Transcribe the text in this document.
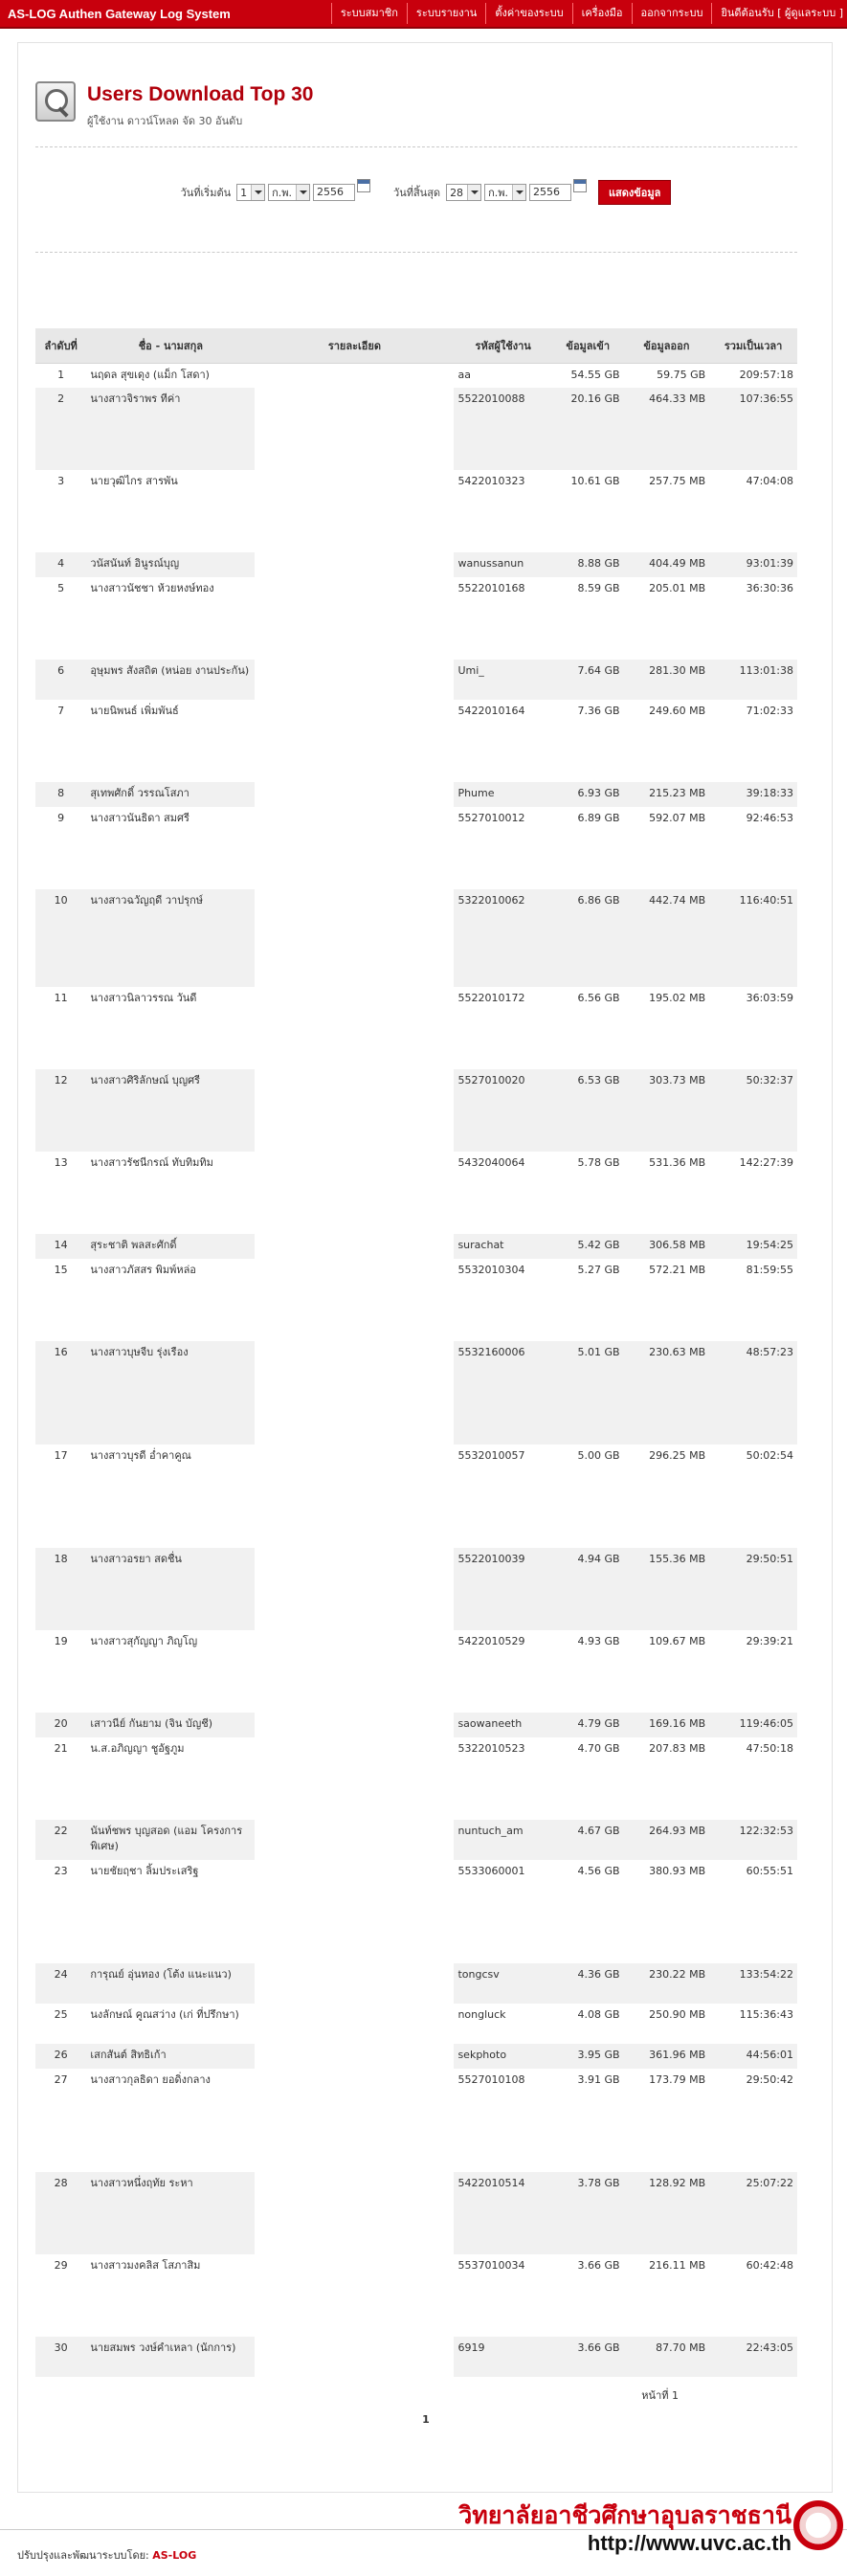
AS-LOG Authen Gateway Log System	ระบบสมาชิก	ระบบรายงาน	ตั้งค่าของระบบ	เครื่องมือ	ออกจากระบบ	ยินดีต้อนรับ [ ผู้ดูแลระบบ ]
Users Download Top 30
ผู้ใช้งาน ดาวน์โหลด จัด 30 อันดับ
วันที่เริ่มต้น 1 ก.พ.	2556	วันที่สิ้นสุด 28 ก.พ.	2556	แสดงข้อมูล
ลำดับที่	ชื่อ - นามสกุล	รายละเอียด	รหัสผู้ใช้งาน	ข้อมูลเข้า	ข้อมูลออก	รวมเป็นเวลา
1	นฤดล สุขเดุง (แม็ก โสดา)		aa	54.55 GB	59.75 GB	209:57:18
2	นางสาวจิราพร ทีค่า		5522010088	20.16 GB	464.33 MB	107:36:55
3	นายวุฒิไกร สารพัน		5422010323	10.61 GB	257.75 MB	47:04:08
4	วนัสนันท์ อินูรณ์บุญ		wanussanun	8.88 GB	404.49 MB	93:01:39
5	นางสาวนัชชา ห้วยหงษ์ทอง		5522010168	8.59 GB	205.01 MB	36:30:36
6	อุษุมพร สังสถิต (หน่อย งานประกัน)		Umi_	7.64 GB	281.30 MB	113:01:38
7	นายนิพนธ์ เพิ่มพันธ์		5422010164	7.36 GB	249.60 MB	71:02:33
8	สุเทพศักดิ์ วรรณโสภา		Phume	6.93 GB	215.23 MB	39:18:33
9	นางสาวนันธิดา สมศรี		5527010012	6.89 GB	592.07 MB	92:46:53
10	นางสาวฉวัญฤดี วาปรุกษ์		5322010062	6.86 GB	442.74 MB	116:40:51
11	นางสาวนิลาวรรณ วันดี		5522010172	6.56 GB	195.02 MB	36:03:59
12	นางสาวศิริลักษณ์ บุญศรี		5527010020	6.53 GB	303.73 MB	50:32:37
13	นางสาวรัชนีกรณ์ ทับทิมทิม		5432040064	5.78 GB	531.36 MB	142:27:39
14	สุระชาติ พลสะศักดิ์		surachat	5.42 GB	306.58 MB	19:54:25
15	นางสาวภัสสร พิมพ์หล่อ		5532010304	5.27 GB	572.21 MB	81:59:55
16	นางสาวบุษจีบ รุ่งเรือง		5532160006	5.01 GB	230.63 MB	48:57:23
17	นางสาวบุรดี อ่ำคาคูณ		5532010057	5.00 GB	296.25 MB	50:02:54
18	นางสาวอรยา สดชื่น		5522010039	4.94 GB	155.36 MB	29:50:51
19	นางสาวสุกัญญา ภิญโญ		5422010529	4.93 GB	109.67 MB	29:39:21
20	เสาวนีย์ กันยาม (จิน บัญชี)		saowaneeth	4.79 GB	169.16 MB	119:46:05
21	น.ส.อภิญญา ชูอัฐภูม		5322010523	4.70 GB	207.83 MB	47:50:18
22	นันท์ชพร บุญสอด (แอม โครงการพิเศษ)		nuntuch_am	4.67 GB	264.93 MB	122:32:53
23	นายชัยฤชา ลิ้มประเสริฐ		5533060001	4.56 GB	380.93 MB	60:55:51
24	การุณย์ อุ่นทอง (โต้ง แนะแนว)		tongcsv	4.36 GB	230.22 MB	133:54:22
25	นงลักษณ์ คูณสว่าง (เก่ ที่ปรึกษา)		nongluck	4.08 GB	250.90 MB	115:36:43
26	เสกสันต์ สิทธิเก้า		sekphoto	3.95 GB	361.96 MB	44:56:01
27	นางสาวกุลธิดา ยอดิ่งกลาง		5527010108	3.91 GB	173.79 MB	29:50:42
28	นางสาวหนึ่งฤทัย ระหา		5422010514	3.78 GB	128.92 MB	25:07:22
29	นางสาวมงคลิส โสภาสิม		5537010034	3.66 GB	216.11 MB	60:42:48
30	นายสมพร วงษ์คำเหลา (นักการ)		6919	3.66 GB	87.70 MB	22:43:05
หน้าที่ 1
1
ปรับปรุงและพัฒนาระบบโดย: AS-LOG
วิทยาลัยอาชีวศึกษาอุบลราชธานี
http://www.uvc.ac.th
